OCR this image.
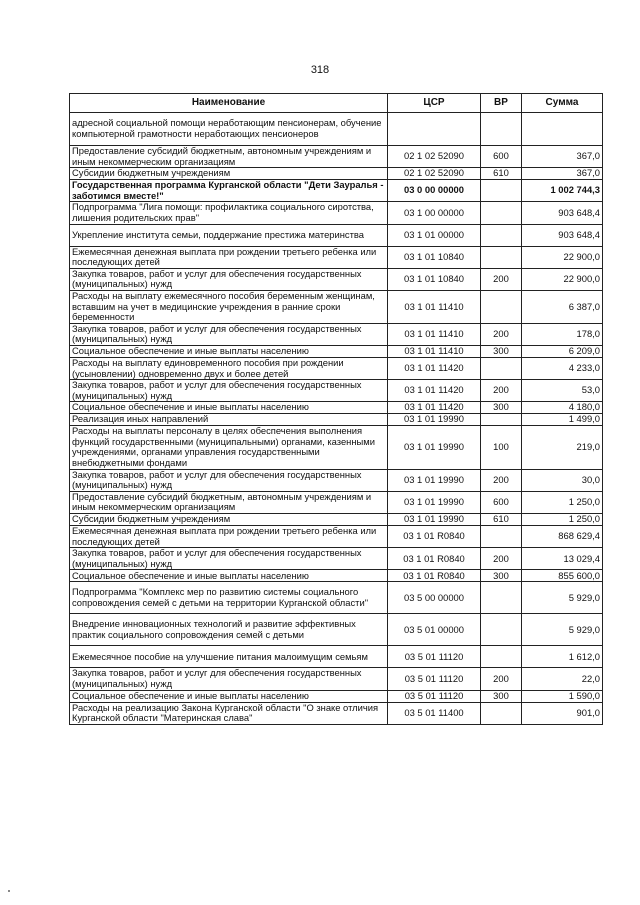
318
Наименование	ЦСР	ВР	Сумма
адресной социальной помощи неработающим пенсионерам, обучение компьютерной грамотности неработающих пенсионеров			
Предоставление субсидий бюджетным, автономным учреждениям и иным некоммерческим организациям	02 1 02 52090	600	367,0
Субсидии бюджетным учреждениям	02 1 02 52090	610	367,0
Государственная программа Курганской области "Дети Зауралья - заботимся вместе!"	03 0 00 00000		1 002 744,3
Подпрограмма "Лига помощи: профилактика социального сиротства, лишения родительских прав"	03 1 00 00000		903 648,4
Укрепление института семьи, поддержание престижа материнства	03 1 01 00000		903 648,4
Ежемесячная денежная выплата при рождении третьего ребенка или последующих детей	03 1 01 10840		22 900,0
Закупка товаров, работ и услуг для обеспечения государственных (муниципальных) нужд	03 1 01 10840	200	22 900,0
Расходы на выплату ежемесячного пособия беременным женщинам, вставшим на учет в медицинские учреждения в ранние сроки беременности	03 1 01 11410		6 387,0
Закупка товаров, работ и услуг для обеспечения государственных (муниципальных) нужд	03 1 01 11410	200	178,0
Социальное обеспечение и иные выплаты населению	03 1 01 11410	300	6 209,0
Расходы на выплату единовременного пособия при рождении (усыновлении) одновременно двух и более детей	03 1 01 11420		4 233,0
Закупка товаров, работ и услуг для обеспечения государственных (муниципальных) нужд	03 1 01 11420	200	53,0
Социальное обеспечение и иные выплаты населению	03 1 01 11420	300	4 180,0
Реализация иных направлений	03 1 01 19990		1 499,0
Расходы на выплаты персоналу в целях обеспечения выполнения функций государственными (муниципальными) органами, казенными учреждениями, органами управления государственными внебюджетными фондами	03 1 01 19990	100	219,0
Закупка товаров, работ и услуг для обеспечения государственных (муниципальных) нужд	03 1 01 19990	200	30,0
Предоставление субсидий бюджетным, автономным учреждениям и иным некоммерческим организациям	03 1 01 19990	600	1 250,0
Субсидии бюджетным учреждениям	03 1 01 19990	610	1 250,0
Ежемесячная денежная выплата при рождении третьего ребенка или последующих детей	03 1 01 R0840		868 629,4
Закупка товаров, работ и услуг для обеспечения государственных (муниципальных) нужд	03 1 01 R0840	200	13 029,4
Социальное обеспечение и иные выплаты населению	03 1 01 R0840	300	855 600,0
Подпрограмма "Комплекс мер по развитию системы социального сопровождения семей с детьми на территории Курганской области"	03 5 00 00000		5 929,0
Внедрение инновационных технологий и развитие эффективных практик социального сопровождения семей с детьми	03 5 01 00000		5 929,0
Ежемесячное пособие на улучшение питания малоимущим семьям	03 5 01 11120		1 612,0
Закупка товаров, работ и услуг для обеспечения государственных (муниципальных) нужд	03 5 01 11120	200	22,0
Социальное обеспечение и иные выплаты населению	03 5 01 11120	300	1 590,0
Расходы на реализацию Закона Курганской области "О знаке отличия Курганской области "Материнская слава"	03 5 01 11400		901,0
